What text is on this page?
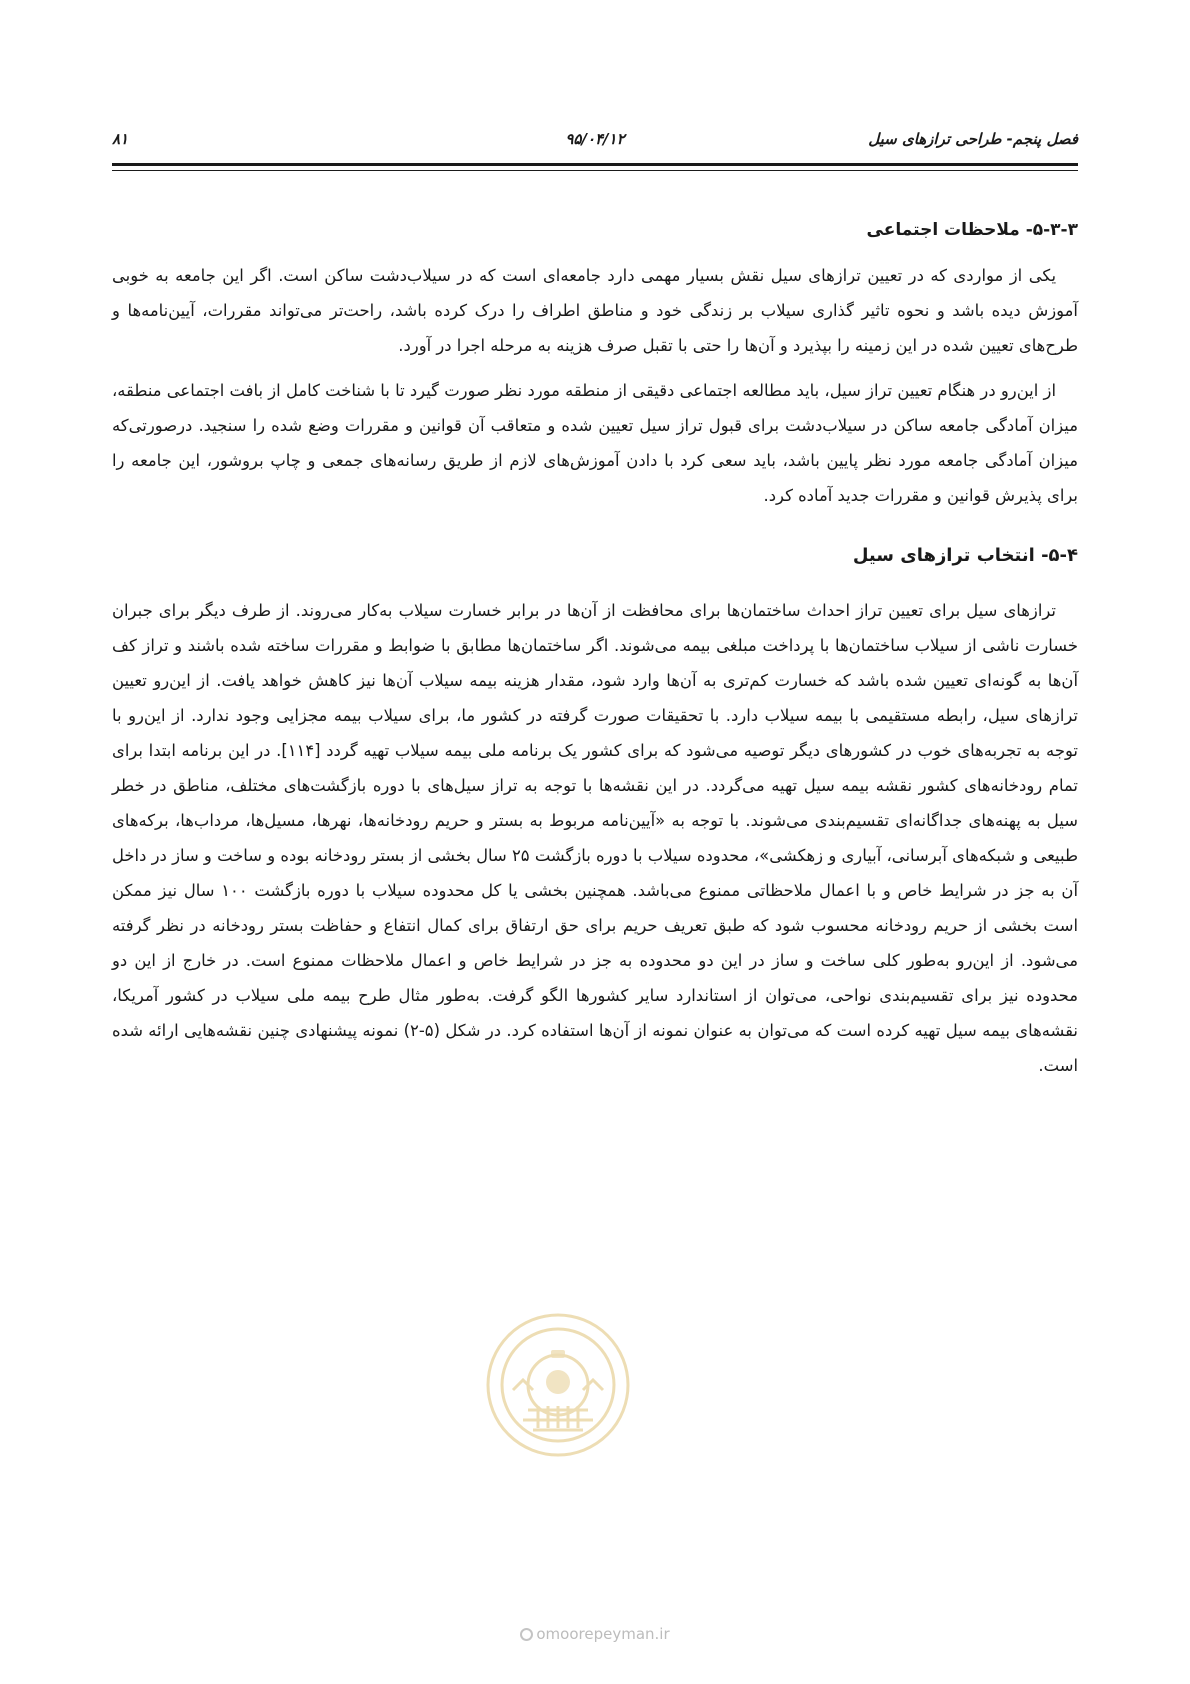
فصل پنجم- طراحی ترازهای سیل
۹۵/۰۴/۱۲
۸۱
۵-۳-۳- ملاحظات اجتماعی

یکی از مواردی که در تعیین ترازهای سیل نقش بسیار مهمی دارد جامعه‌ای است که در سیلاب‌دشت ساکن است. اگر این جامعه به خوبی آموزش دیده باشد و نحوه تاثیر گذاری سیلاب بر زندگی خود و مناطق اطراف را درک کرده باشد، راحت‌تر می‌تواند مقررات، آیین‌نامه‌ها و طرح‌های تعیین شده در این زمینه را بپذیرد و آن‌ها را حتی با تقبل صرف هزینه به مرحله اجرا در آورد.

از این‌رو در هنگام تعیین تراز سیل، باید مطالعه اجتماعی دقیقی از منطقه مورد نظر صورت گیرد تا با شناخت کامل از بافت اجتماعی منطقه، میزان آمادگی جامعه ساکن در سیلاب‌دشت برای قبول تراز سیل تعیین شده و متعاقب آن قوانین و مقررات وضع شده را سنجید. درصورتی‌که میزان آمادگی جامعه مورد نظر پایین باشد، باید سعی کرد با دادن آموزش‌های لازم از طریق رسانه‌های جمعی و چاپ بروشور، این جامعه را برای پذیرش قوانین و مقررات جدید آماده کرد.

۵-۴- انتخاب ترازهای سیل

ترازهای سیل برای تعیین تراز احداث ساختمان‌ها برای محافظت از آن‌ها در برابر خسارت سیلاب به‌کار می‌روند. از طرف دیگر برای جبران خسارت ناشی از سیلاب ساختمان‌ها با پرداخت مبلغی بیمه می‌شوند. اگر ساختمان‌ها مطابق با ضوابط و مقررات ساخته شده باشند و تراز کف آن‌ها به گونه‌ای تعیین شده باشد که خسارت کم‌تری به آن‌ها وارد شود، مقدار هزینه بیمه سیلاب آن‌ها نیز کاهش خواهد یافت. از این‌رو تعیین ترازهای سیل، رابطه مستقیمی با بیمه سیلاب دارد. با تحقیقات صورت گرفته در کشور ما، برای سیلاب بیمه مجزایی وجود ندارد. از این‌رو با توجه به تجربه‌های خوب در کشورهای دیگر توصیه می‌شود که برای کشور یک برنامه ملی بیمه سیلاب تهیه گردد [۱۱۴]. در این برنامه ابتدا برای تمام رودخانه‌های کشور نقشه بیمه سیل تهیه می‌گردد. در این نقشه‌ها با توجه به تراز سیل‌های با دوره بازگشت‌های مختلف، مناطق در خطر سیل به پهنه‌های جداگانه‌ای تقسیم‌بندی می‌شوند. با توجه به «آیین‌نامه مربوط به بستر و حریم رودخانه‌ها، نهرها، مسیل‌ها، مرداب‌ها، برکه‌های طبیعی و شبکه‌های آبرسانی، آبیاری و زهکشی»، محدوده سیلاب با دوره بازگشت ۲۵ سال بخشی از بستر رودخانه بوده و ساخت و ساز در داخل آن به جز در شرایط خاص و با اعمال ملاحظاتی ممنوع می‌باشد. همچنین بخشی یا کل محدوده سیلاب با دوره بازگشت ۱۰۰ سال نیز ممکن است بخشی از حریم رودخانه محسوب شود که طبق تعریف حریم برای حق ارتفاق برای کمال انتفاع و حفاظت بستر رودخانه در نظر گرفته می‌شود. از این‌رو به‌طور کلی ساخت و ساز در این دو محدوده به جز در شرایط خاص و اعمال ملاحظات ممنوع است. در خارج از این دو محدوده نیز برای تقسیم‌بندی نواحی، می‌توان از استاندارد سایر کشورها الگو گرفت. به‌طور مثال طرح بیمه ملی سیلاب در کشور آمریکا، نقشه‌های بیمه سیل تهیه کرده است که می‌توان به عنوان نمونه از آن‌ها استفاده کرد. در شکل (۵-۲) نمونه پیشنهادی چنین نقشه‌هایی ارائه شده است.

omoorepeyman.ir
